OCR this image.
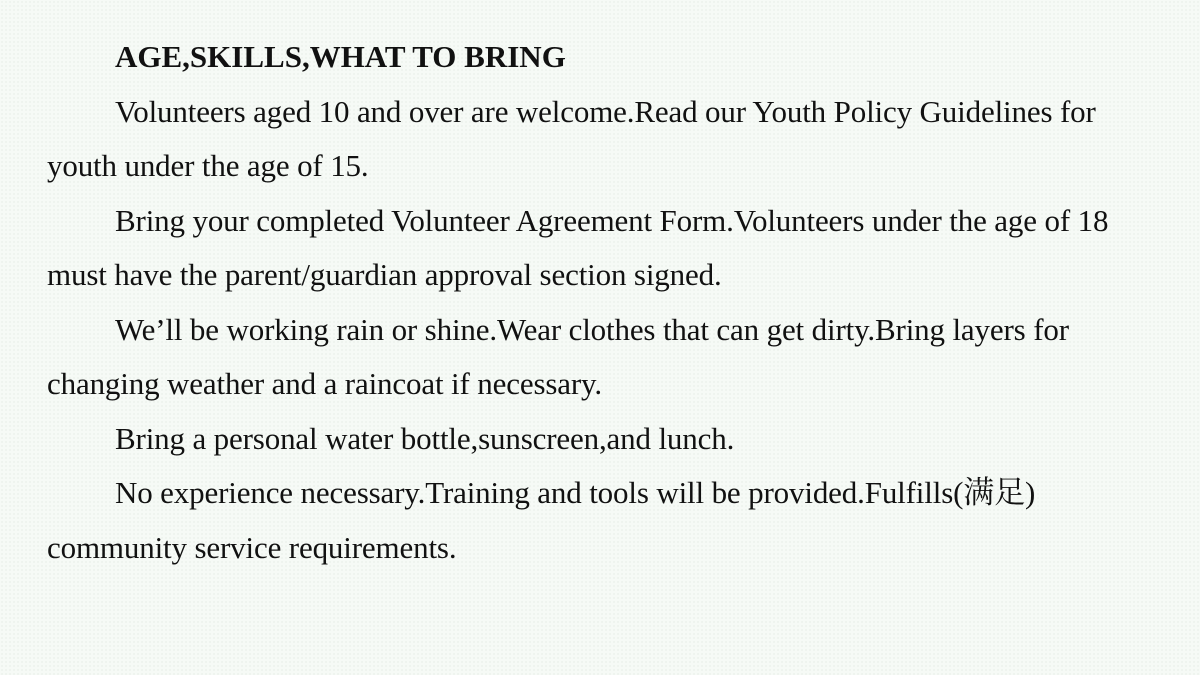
AGE,SKILLS,WHAT TO BRING

Volunteers aged 10 and over are welcome.Read our Youth Policy Guidelines for youth under the age of 15.

Bring your completed Volunteer Agreement Form.Volunteers under the age of 18 must have the parent/guardian approval section signed.

We’ll be working rain or shine.Wear clothes that can get dirty.Bring layers for changing weather and a raincoat if necessary.

Bring a personal water bottle,sunscreen,and lunch.

No experience necessary.Training and tools will be provided.Fulfills(满足) community service requirements.
